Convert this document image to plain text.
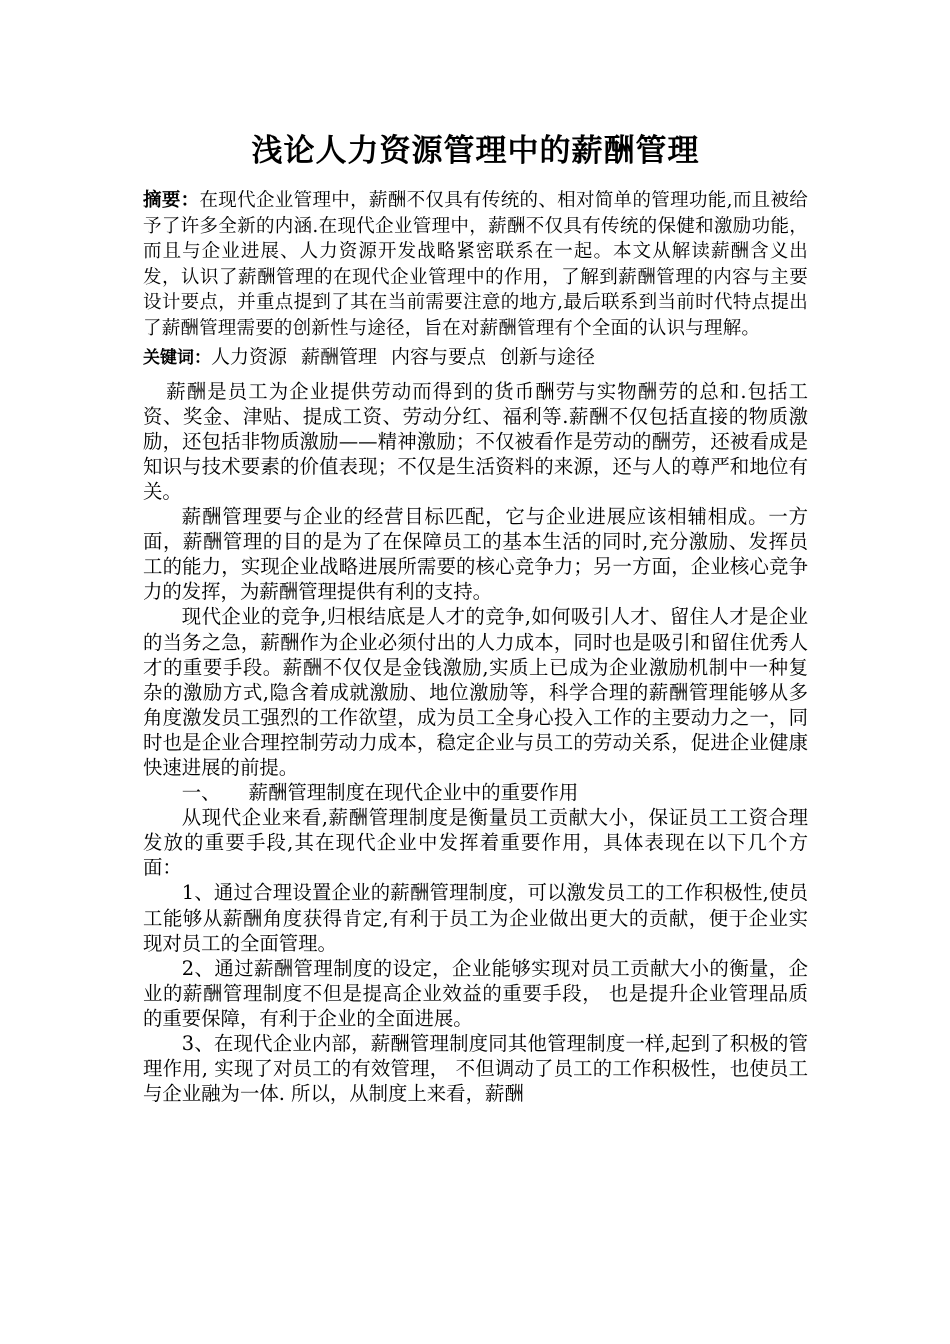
浅论人力资源管理中的薪酬管理

摘要：在现代企业管理中，薪酬不仅具有传统的、相对简单的管理功能,而且被给予了许多全新的内涵.在现代企业管理中，薪酬不仅具有传统的保健和激励功能，而且与企业进展、人力资源开发战略紧密联系在一起。本文从解读薪酬含义出发，认识了薪酬管理的在现代企业管理中的作用，了解到薪酬管理的内容与主要设计要点，并重点提到了其在当前需要注意的地方,最后联系到当前时代特点提出了薪酬管理需要的创新性与途径，旨在对薪酬管理有个全面的认识与理解。

关键词：人力资源 薪酬管理 内容与要点 创新与途径

薪酬是员工为企业提供劳动而得到的货币酬劳与实物酬劳的总和.包括工资、奖金、津贴、提成工资、劳动分红、福利等.薪酬不仅包括直接的物质激励，还包括非物质激励——精神激励；不仅被看作是劳动的酬劳，还被看成是知识与技术要素的价值表现；不仅是生活资料的来源，还与人的尊严和地位有关。

薪酬管理要与企业的经营目标匹配，它与企业进展应该相辅相成。一方面，薪酬管理的目的是为了在保障员工的基本生活的同时,充分激励、发挥员工的能力，实现企业战略进展所需要的核心竞争力；另一方面，企业核心竞争力的发挥，为薪酬管理提供有利的支持。

现代企业的竞争,归根结底是人才的竞争,如何吸引人才、留住人才是企业的当务之急，薪酬作为企业必须付出的人力成本，同时也是吸引和留住优秀人才的重要手段。薪酬不仅仅是金钱激励,实质上已成为企业激励机制中一种复杂的激励方式,隐含着成就激励、地位激励等，科学合理的薪酬管理能够从多角度激发员工强烈的工作欲望，成为员工全身心投入工作的主要动力之一，同时也是企业合理控制劳动力成本，稳定企业与员工的劳动关系，促进企业健康快速进展的前提。

一、 薪酬管理制度在现代企业中的重要作用

从现代企业来看,薪酬管理制度是衡量员工贡献大小，保证员工工资合理发放的重要手段,其在现代企业中发挥着重要作用，具体表现在以下几个方面：

1、通过合理设置企业的薪酬管理制度，可以激发员工的工作积极性,使员工能够从薪酬角度获得肯定,有利于员工为企业做出更大的贡献，便于企业实现对员工的全面管理。

2、通过薪酬管理制度的设定，企业能够实现对员工贡献大小的衡量，企业的薪酬管理制度不但是提高企业效益的重要手段， 也是提升企业管理品质的重要保障，有利于企业的全面进展。

3、在现代企业内部，薪酬管理制度同其他管理制度一样,起到了积极的管理作用, 实现了对员工的有效管理， 不但调动了员工的工作积极性，也使员工与企业融为一体. 所以，从制度上来看，薪酬
